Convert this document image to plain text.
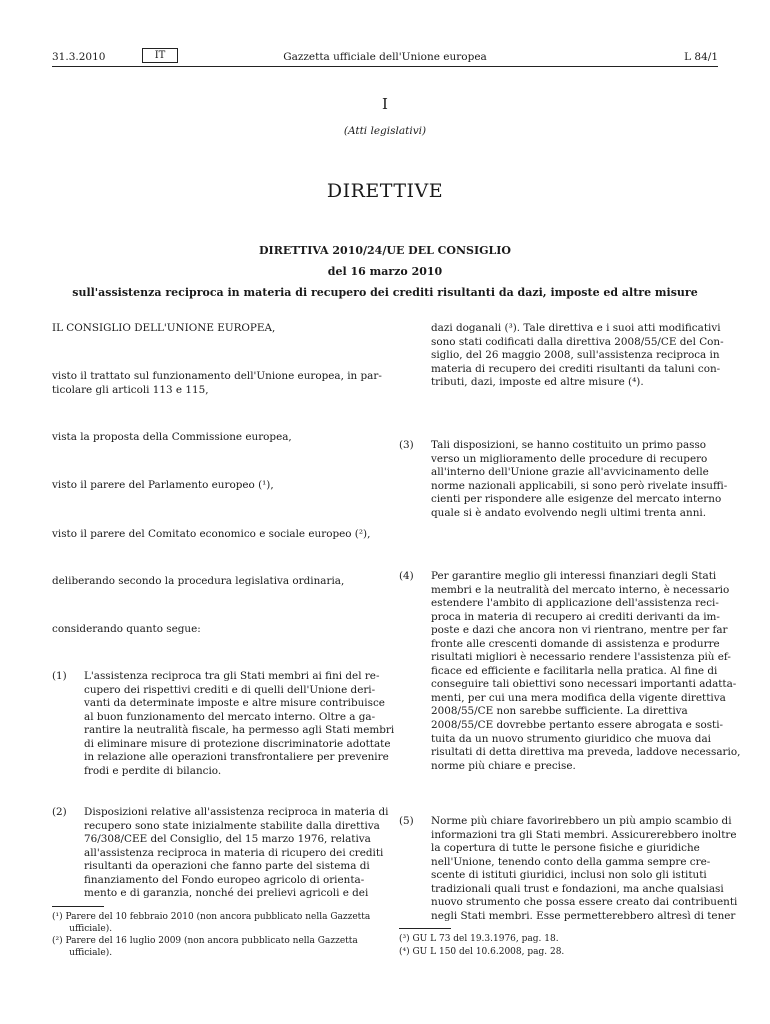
31.3.2010	IT	Gazzetta ufficiale dell'Unione europea	L 84/1
I
(Atti legislativi)
DIRETTIVE
DIRETTIVA 2010/24/UE DEL CONSIGLIO
del 16 marzo 2010
sull'assistenza reciproca in materia di recupero dei crediti risultanti da dazi, imposte ed altre misure
IL CONSIGLIO DELL'UNIONE EUROPEA,
visto il trattato sul funzionamento dell'Unione europea, in par-
ticolare gli articoli 113 e 115,
vista la proposta della Commissione europea,
visto il parere del Parlamento europeo (¹),
visto il parere del Comitato economico e sociale europeo (²),
deliberando secondo la procedura legislativa ordinaria,
considerando quanto segue:
(1) L'assistenza reciproca tra gli Stati membri ai fini del re-
cupero dei rispettivi crediti e di quelli dell'Unione deri-
vanti da determinate imposte e altre misure contribuisce
al buon funzionamento del mercato interno. Oltre a ga-
rantire la neutralità fiscale, ha permesso agli Stati membri
di eliminare misure di protezione discriminatorie adottate
in relazione alle operazioni transfrontaliere per prevenire
frodi e perdite di bilancio.
(2) Disposizioni relative all'assistenza reciproca in materia di
recupero sono state inizialmente stabilite dalla direttiva
76/308/CEE del Consiglio, del 15 marzo 1976, relativa
all'assistenza reciproca in materia di ricupero dei crediti
risultanti da operazioni che fanno parte del sistema di
finanziamento del Fondo europeo agricolo di orienta-
mento e di garanzia, nonché dei prelievi agricoli e dei
(¹) Parere del 10 febbraio 2010 (non ancora pubblicato nella Gazzetta
ufficiale).
(²) Parere del 16 luglio 2009 (non ancora pubblicato nella Gazzetta
ufficiale).
dazi doganali (³). Tale direttiva e i suoi atti modificativi
sono stati codificati dalla direttiva 2008/55/CE del Con-
siglio, del 26 maggio 2008, sull'assistenza reciproca in
materia di recupero dei crediti risultanti da taluni con-
tributi, dazi, imposte ed altre misure (⁴).
(3) Tali disposizioni, se hanno costituito un primo passo
verso un miglioramento delle procedure di recupero
all'interno dell'Unione grazie all'avvicinamento delle
norme nazionali applicabili, si sono però rivelate insuffi-
cienti per rispondere alle esigenze del mercato interno
quale si è andato evolvendo negli ultimi trenta anni.
(4) Per garantire meglio gli interessi finanziari degli Stati
membri e la neutralità del mercato interno, è necessario
estendere l'ambito di applicazione dell'assistenza reci-
proca in materia di recupero ai crediti derivanti da im-
poste e dazi che ancora non vi rientrano, mentre per far
fronte alle crescenti domande di assistenza e produrre
risultati migliori è necessario rendere l'assistenza più ef-
ficace ed efficiente e facilitarla nella pratica. Al fine di
conseguire tali obiettivi sono necessari importanti adatta-
menti, per cui una mera modifica della vigente direttiva
2008/55/CE non sarebbe sufficiente. La direttiva
2008/55/CE dovrebbe pertanto essere abrogata e sosti-
tuita da un nuovo strumento giuridico che muova dai
risultati di detta direttiva ma preveda, laddove necessario,
norme più chiare e precise.
(5) Norme più chiare favorirebbero un più ampio scambio di
informazioni tra gli Stati membri. Assicurerebbero inoltre
la copertura di tutte le persone fisiche e giuridiche
nell'Unione, tenendo conto della gamma sempre cre-
scente di istituti giuridici, inclusi non solo gli istituti
tradizionali quali trust e fondazioni, ma anche qualsiasi
nuovo strumento che possa essere creato dai contribuenti
negli Stati membri. Esse permetterebbero altresì di tener
(³) GU L 73 del 19.3.1976, pag. 18.
(⁴) GU L 150 del 10.6.2008, pag. 28.
